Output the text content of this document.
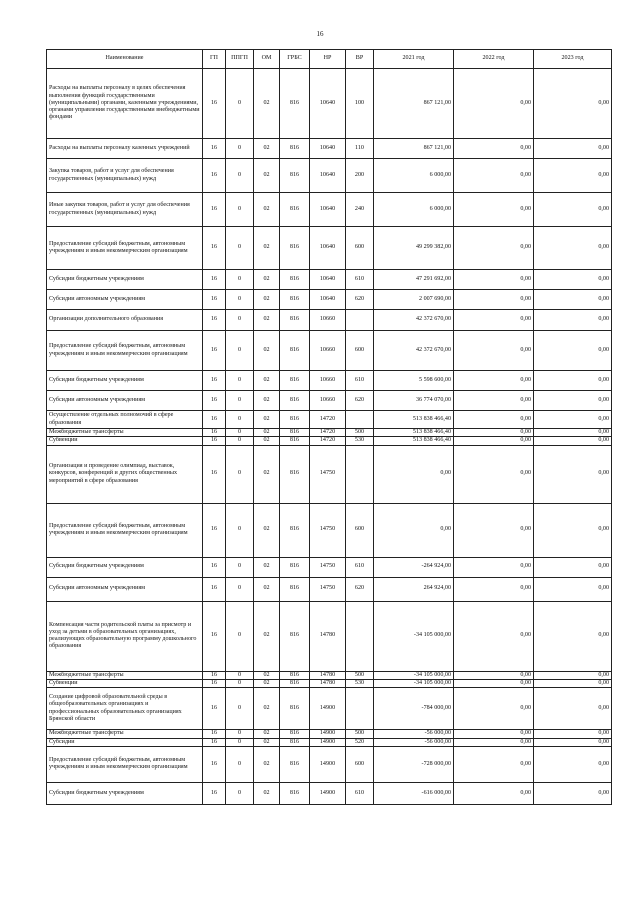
16
Наименование	ГП	ППГП	ОМ	ГРБС	НР	ВР	2021 год	2022 год	2023 год
Расходы на выплаты персоналу в целях обеспечения выполнения функций государственными (муниципальными) органами, казенными учреждениями, органами управления государственными внебюджетными фондами	16	0	02	816	10640	100	867 121,00	0,00	0,00
Расходы на выплаты персоналу казенных учреждений	16	0	02	816	10640	110	867 121,00	0,00	0,00
Закупка товаров, работ и услуг для обеспечения государственных (муниципальных) нужд	16	0	02	816	10640	200	6 000,00	0,00	0,00
Иные закупки товаров, работ и услуг для обеспечения государственных (муниципальных) нужд	16	0	02	816	10640	240	6 000,00	0,00	0,00
Предоставление субсидий бюджетным, автономным учреждениям и иным некоммерческим организациям	16	0	02	816	10640	600	49 299 382,00	0,00	0,00
Субсидии бюджетным учреждениям	16	0	02	816	10640	610	47 291 692,00	0,00	0,00
Субсидии автономным учреждениям	16	0	02	816	10640	620	2 007 690,00	0,00	0,00
Организации дополнительного образования	16	0	02	816	10660		42 372 670,00	0,00	0,00
Предоставление субсидий бюджетным, автономным учреждениям и иным некоммерческим организациям	16	0	02	816	10660	600	42 372 670,00	0,00	0,00
Субсидии бюджетным учреждениям	16	0	02	816	10660	610	5 598 600,00	0,00	0,00
Субсидии автономным учреждениям	16	0	02	816	10660	620	36 774 070,00	0,00	0,00
Осуществление отдельных полномочий в сфере образования	16	0	02	816	14720		513 838 466,40	0,00	0,00
Межбюджетные трансферты	16	0	02	816	14720	500	513 838 466,40	0,00	0,00
Субвенции	16	0	02	816	14720	530	513 838 466,40	0,00	0,00
Организация и проведение олимпиад, выставок, конкурсов, конференций и других общественных мероприятий в сфере образования	16	0	02	816	14750		0,00	0,00	0,00
Предоставление субсидий бюджетным, автономным учреждениям и иным некоммерческим организациям	16	0	02	816	14750	600	0,00	0,00	0,00
Субсидии бюджетным учреждениям	16	0	02	816	14750	610	-264 924,00	0,00	0,00
Субсидии автономным учреждениям	16	0	02	816	14750	620	264 924,00	0,00	0,00
Компенсация части родительской платы за присмотр и уход за детьми в образовательных организациях, реализующих образовательную программу дошкольного образования	16	0	02	816	14780		-34 105 000,00	0,00	0,00
Межбюджетные трансферты	16	0	02	816	14780	500	-34 105 000,00	0,00	0,00
Субвенции	16	0	02	816	14780	530	-34 105 000,00	0,00	0,00
Создание цифровой образовательной среды в общеобразовательных организациях и профессиональных образовательных организациях Брянской области	16	0	02	816	14900		-784 000,00	0,00	0,00
Межбюджетные трансферты	16	0	02	816	14900	500	-56 000,00	0,00	0,00
Субсидии	16	0	02	816	14900	520	-56 000,00	0,00	0,00
Предоставление субсидий бюджетным, автономным учреждениям и иным некоммерческим организациям	16	0	02	816	14900	600	-728 000,00	0,00	0,00
Субсидии бюджетным учреждениям	16	0	02	816	14900	610	-616 000,00	0,00	0,00
